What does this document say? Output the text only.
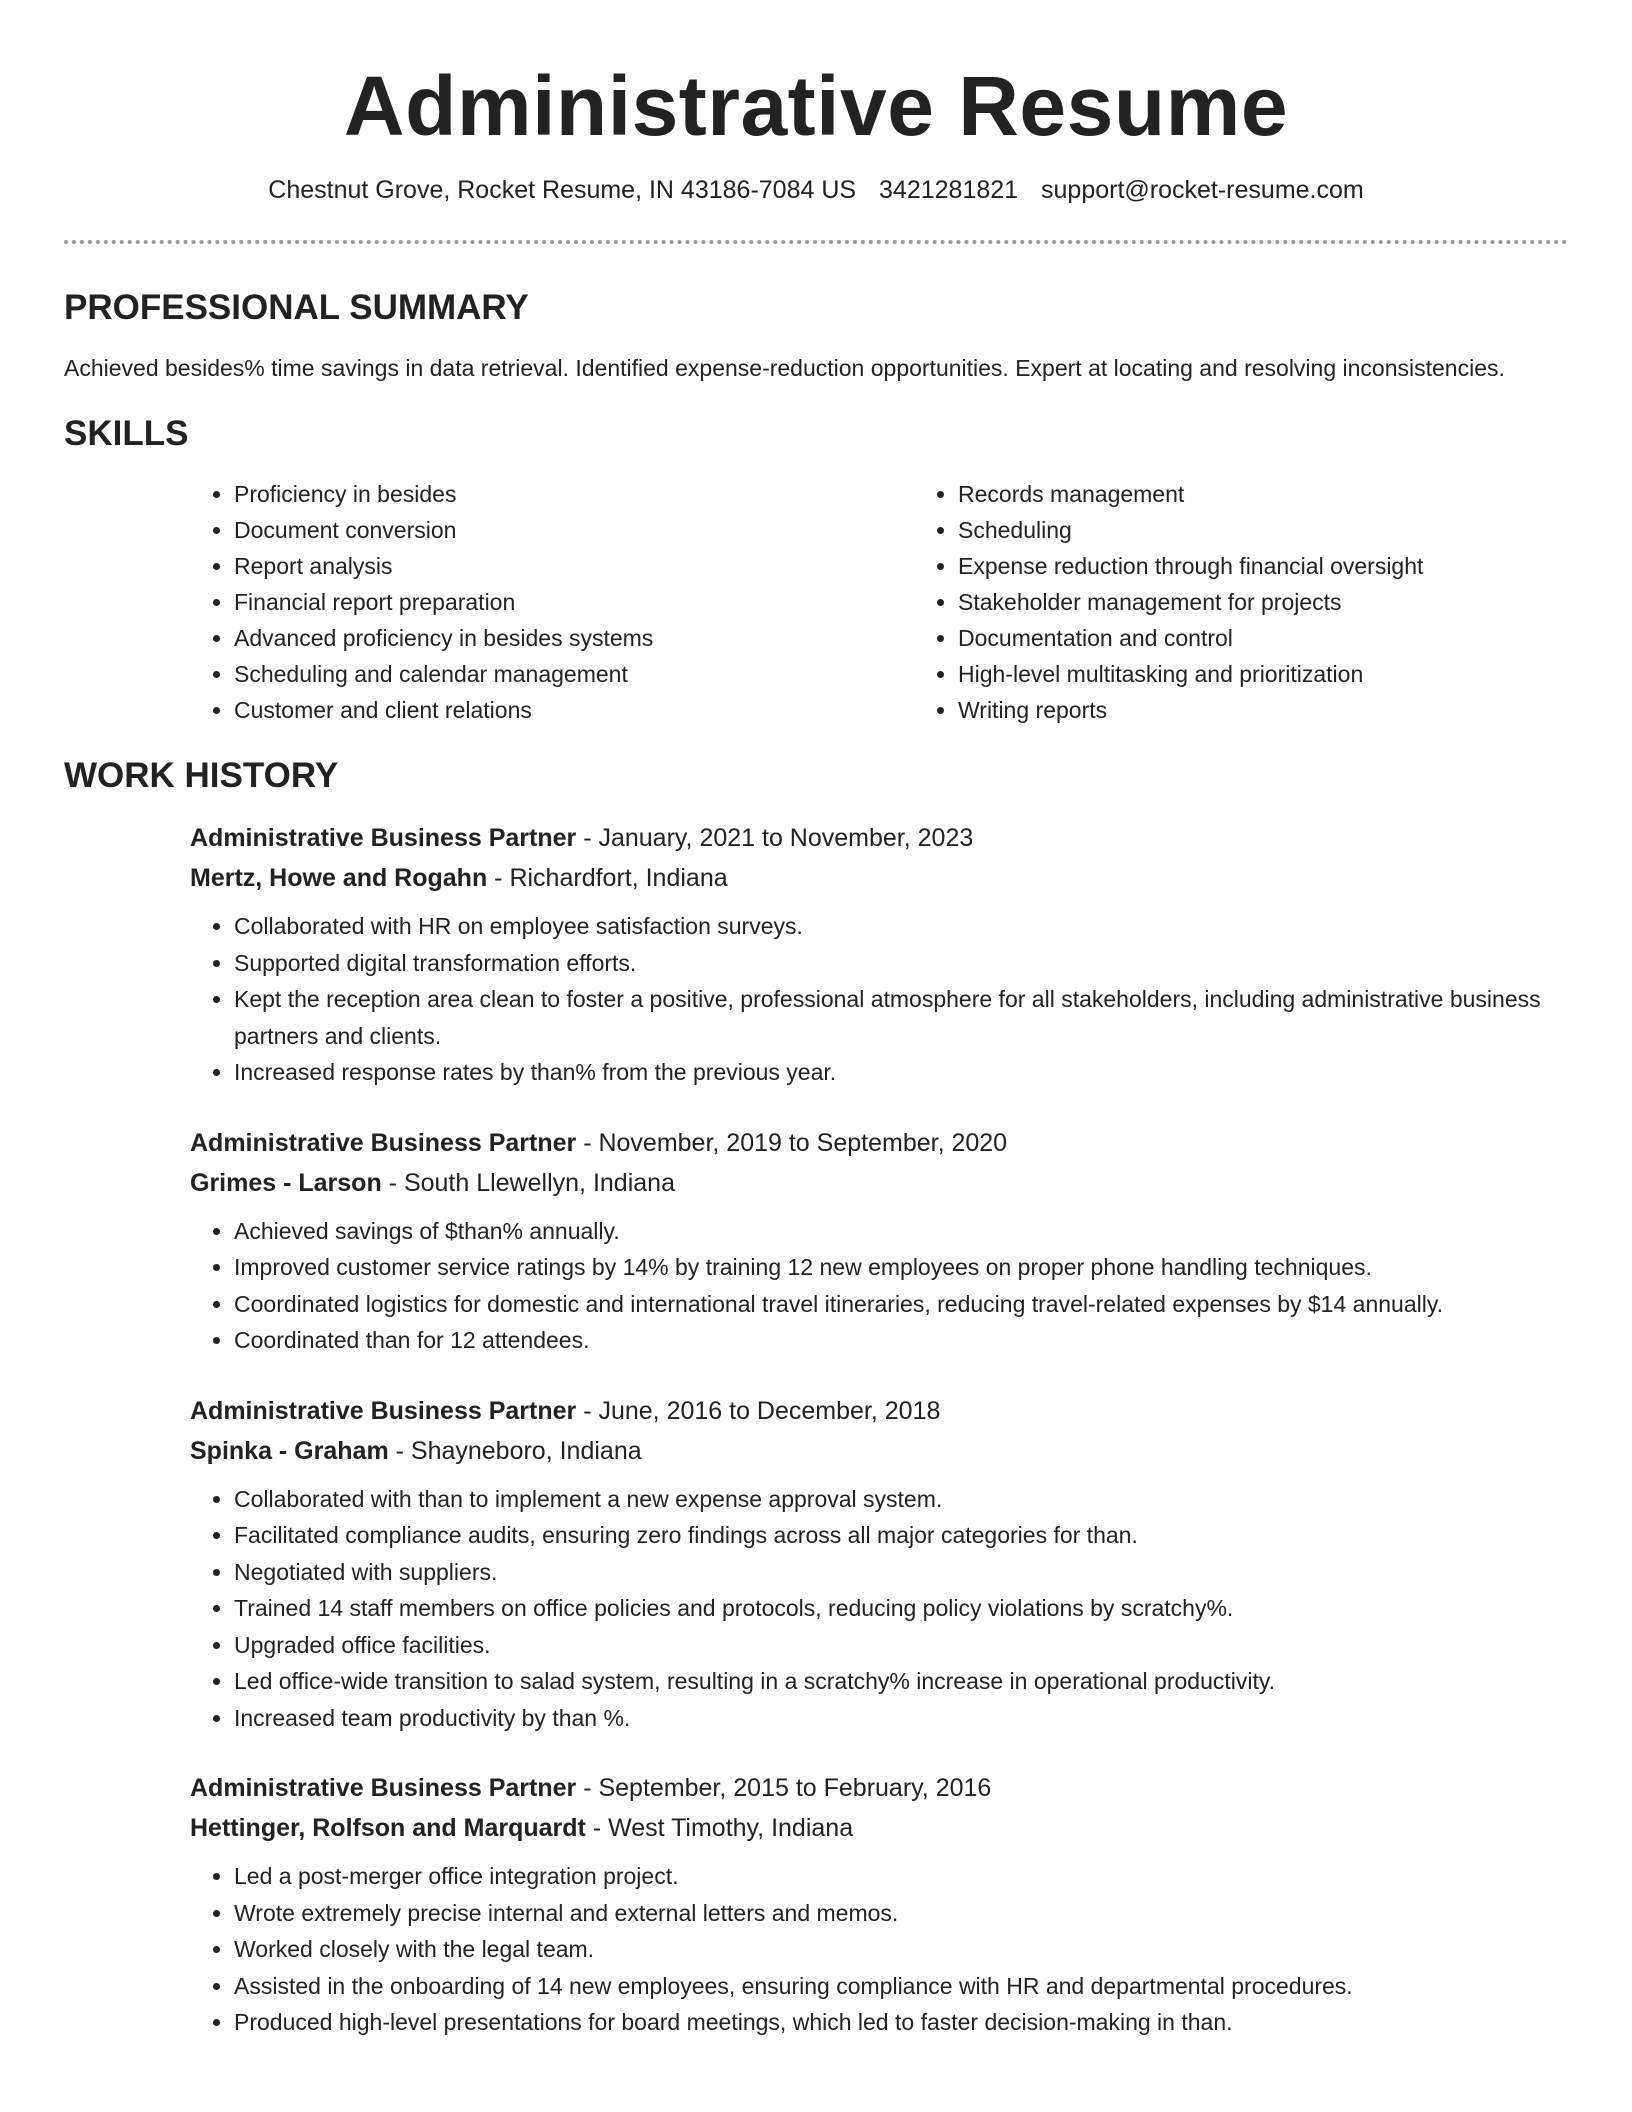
Administrative Resume
Chestnut Grove, Rocket Resume, IN 43186-7084 US 3421281821 support@rocket-resume.com
PROFESSIONAL SUMMARY

Achieved besides% time savings in data retrieval. Identified expense-reduction opportunities. Expert at locating and resolving inconsistencies.

SKILLS
• Proficiency in besides
• Document conversion
• Report analysis
• Financial report preparation
• Advanced proficiency in besides systems
• Scheduling and calendar management
• Customer and client relations
• Records management
• Scheduling
• Expense reduction through financial oversight
• Stakeholder management for projects
• Documentation and control
• High-level multitasking and prioritization
• Writing reports
WORK HISTORY

Administrative Business Partner - January, 2021 to November, 2023

Mertz, Howe and Rogahn - Richardfort, Indiana

• Collaborated with HR on employee satisfaction surveys.
• Supported digital transformation efforts.
• Kept the reception area clean to foster a positive, professional atmosphere for all stakeholders, including administrative business partners and clients.
• Increased response rates by than% from the previous year.

Administrative Business Partner - November, 2019 to September, 2020

Grimes - Larson - South Llewellyn, Indiana

• Achieved savings of $than% annually.
• Improved customer service ratings by 14% by training 12 new employees on proper phone handling techniques.
• Coordinated logistics for domestic and international travel itineraries, reducing travel-related expenses by $14 annually.
• Coordinated than for 12 attendees.

Administrative Business Partner - June, 2016 to December, 2018

Spinka - Graham - Shayneboro, Indiana

• Collaborated with than to implement a new expense approval system.
• Facilitated compliance audits, ensuring zero findings across all major categories for than.
• Negotiated with suppliers.
• Trained 14 staff members on office policies and protocols, reducing policy violations by scratchy%.
• Upgraded office facilities.
• Led office-wide transition to salad system, resulting in a scratchy% increase in operational productivity.
• Increased team productivity by than %.

Administrative Business Partner - September, 2015 to February, 2016

Hettinger, Rolfson and Marquardt - West Timothy, Indiana

• Led a post-merger office integration project.
• Wrote extremely precise internal and external letters and memos.
• Worked closely with the legal team.
• Assisted in the onboarding of 14 new employees, ensuring compliance with HR and departmental procedures.
• Produced high-level presentations for board meetings, which led to faster decision-making in than.
